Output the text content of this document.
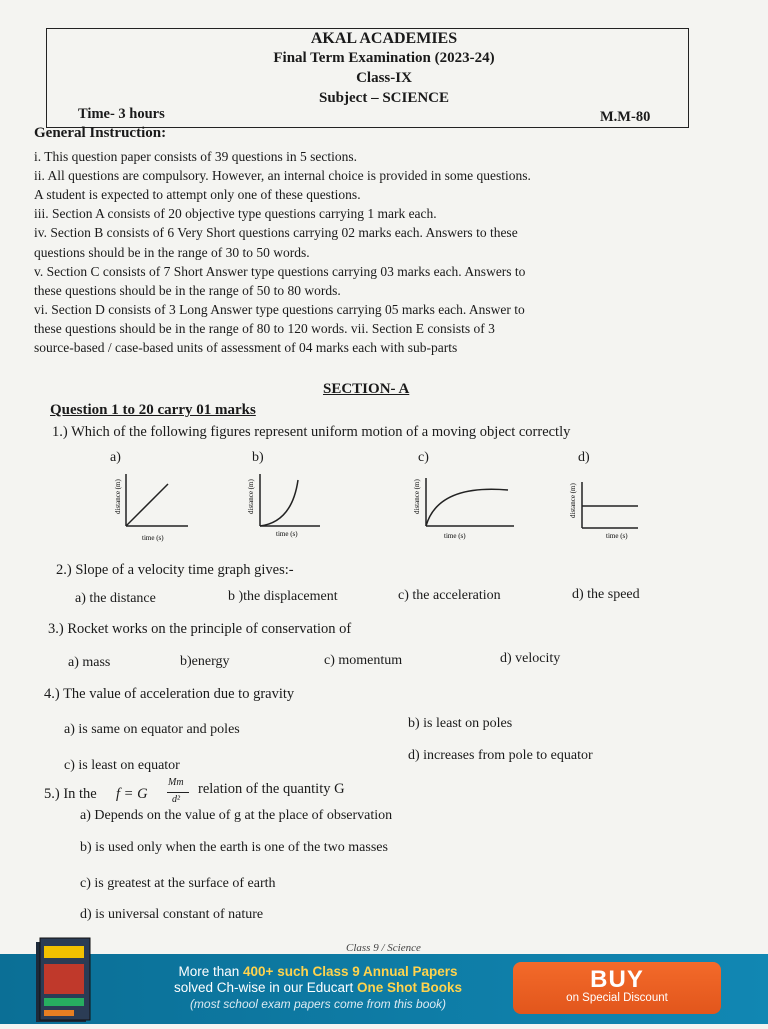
AKAL ACADEMIES
Final Term Examination (2023-24)
Class-IX
Subject – SCIENCE
Time- 3 hours	M.M-80
General Instruction:
i. This question paper consists of 39 questions in 5 sections.
ii. All questions are compulsory. However, an internal choice is provided in some questions.
A student is expected to attempt only one of these questions.
iii. Section A consists of 20 objective type questions carrying 1 mark each.
iv. Section B consists of 6 Very Short questions carrying 02 marks each. Answers to these
questions should be in the range of 30 to 50 words.
v. Section C consists of 7 Short Answer type questions carrying 03 marks each. Answers to
these questions should be in the range of 50 to 80 words.
vi. Section D consists of 3 Long Answer type questions carrying 05 marks each. Answer to
these questions should be in the range of 80 to 120 words. vii. Section E consists of 3
source-based / case-based units of assessment of 04 marks each with sub-parts
SECTION- A
Question 1 to 20 carry 01 marks
1.) Which of the following figures represent uniform motion of a moving object correctly
a)	b)	c)	d)
distance (m)
time (s)
distance (m)
time (s)
distance (m)
time (s)
distance (m)
time (s)
2.) Slope of a velocity time graph gives:-
a) the distance	b )the displacement	c) the acceleration	d) the speed
3.) Rocket works on the principle of conservation of
a) mass	b)energy	c) momentum	d) velocity
4.) The value of acceleration due to gravity
a) is same on equator and poles	b) is least on poles
c) is least on equator
d) increases from pole to equator
5.) In the f = G
Mm
d²
relation of the quantity G
a) Depends on the value of g at the place of observation
b) is used only when the earth is one of the two masses
c) is greatest at the surface of earth
d) is universal constant of nature
Class 9 / Science
More than 400+ such Class 9 Annual Papers
solved Ch-wise in our Educart One Shot Books
(most school exam papers come from this book)
BUY
on Special Discount
